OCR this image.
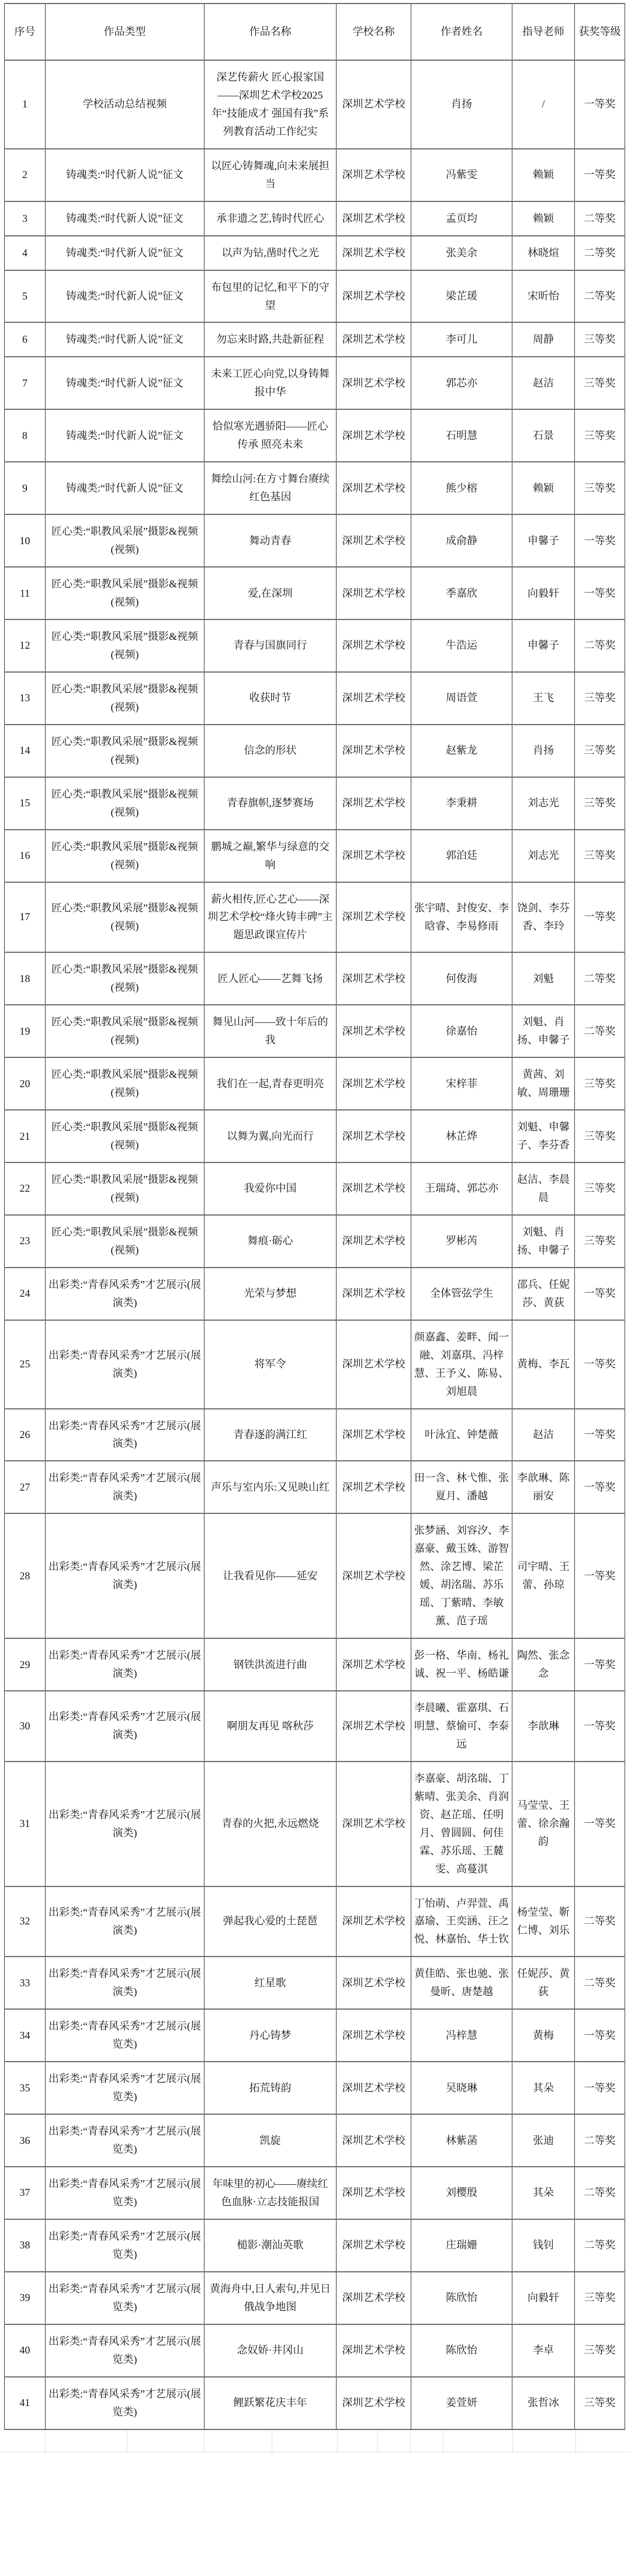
序号	作品类型	作品名称	学校名称	作者姓名	指导老师	获奖等级
1	学校活动总结视频	深艺传薪火 匠心报家国——深圳艺术学校2025年“技能成才 强国有我”系列教育活动工作纪实	深圳艺术学校	肖扬	/	一等奖
2	铸魂类:“时代新人说”征文	以匠心铸舞魂,向未来展担当	深圳艺术学校	冯紫雯	赖颖	一等奖
3	铸魂类:“时代新人说”征文	承非遗之艺,铸时代匠心	深圳艺术学校	孟页均	赖颖	二等奖
4	铸魂类:“时代新人说”征文	以声为钻,凿时代之光	深圳艺术学校	张美余	林晓煊	二等奖
5	铸魂类:“时代新人说”征文	布包里的记忆,和平下的守望	深圳艺术学校	梁芷瑗	宋昕怡	二等奖
6	铸魂类:“时代新人说”征文	勿忘来时路,共赴新征程	深圳艺术学校	李可儿	周静	三等奖
7	铸魂类:“时代新人说”征文	未来工匠心向党,以身铸舞报中华	深圳艺术学校	郭芯亦	赵洁	三等奖
8	铸魂类:“时代新人说”征文	恰似寒光遇骄阳——匠心传承 照亮未来	深圳艺术学校	石明慧	石景	三等奖
9	铸魂类:“时代新人说”征文	舞绘山河:在方寸舞台赓续红色基因	深圳艺术学校	熊少榕	赖颖	三等奖
10	匠心类:“职教风采展”摄影&视频(视频)	舞动青春	深圳艺术学校	成俞静	申馨子	一等奖
11	匠心类:“职教风采展”摄影&视频(视频)	爱,在深圳	深圳艺术学校	季嘉欣	向毅轩	一等奖
12	匠心类:“职教风采展”摄影&视频(视频)	青春与国旗同行	深圳艺术学校	牛浩运	申馨子	二等奖
13	匠心类:“职教风采展”摄影&视频(视频)	收获时节	深圳艺术学校	周语萱	王飞	三等奖
14	匠心类:“职教风采展”摄影&视频(视频)	信念的形状	深圳艺术学校	赵紫龙	肖扬	三等奖
15	匠心类:“职教风采展”摄影&视频(视频)	青春旗帜,逐梦赛场	深圳艺术学校	李秉耕	刘志光	三等奖
16	匠心类:“职教风采展”摄影&视频(视频)	鹏城之巅,繁华与绿意的交响	深圳艺术学校	郭泊廷	刘志光	三等奖
17	匠心类:“职教风采展”摄影&视频(视频)	薪火相传,匠心艺心——深圳艺术学校“烽火铸丰碑”主题思政课宣传片	深圳艺术学校	张宇晴、封俊安、李晗睿、李易修雨	饶剑、李芬香、李玲	一等奖
18	匠心类:“职教风采展”摄影&视频(视频)	匠人匠心——艺舞飞扬	深圳艺术学校	何俊海	刘魁	二等奖
19	匠心类:“职教风采展”摄影&视频(视频)	舞见山河——致十年后的我	深圳艺术学校	徐嘉怡	刘魁、肖扬、申馨子	二等奖
20	匠心类:“职教风采展”摄影&视频(视频)	我们在一起,青春更明亮	深圳艺术学校	宋梓菲	黄茜、刘敏、周珊珊	三等奖
21	匠心类:“职教风采展”摄影&视频(视频)	以舞为翼,向光而行	深圳艺术学校	林芷烨	刘魁、申馨子、李芬香	三等奖
22	匠心类:“职教风采展”摄影&视频(视频)	我爱你中国	深圳艺术学校	王瑞琦、郭芯亦	赵洁、李晨晨	三等奖
23	匠心类:“职教风采展”摄影&视频(视频)	舞痕·砺心	深圳艺术学校	罗彬芮	刘魁、肖扬、申馨子	三等奖
24	出彩类:“青春风采秀”才艺展示(展演类)	光荣与梦想	深圳艺术学校	全体管弦学生	邵兵、任妮莎、黄荻	一等奖
25	出彩类:“青春风采秀”才艺展示(展演类)	将军令	深圳艺术学校	颜嘉鑫、姜畔、闻一融、刘嘉琪、冯梓慧、王予义、陈易、刘旭晨	黄梅、李瓦	一等奖
26	出彩类:“青春风采秀”才艺展示(展演类)	青春逐韵满江红	深圳艺术学校	叶泳宜、钟楚薇	赵洁	一等奖
27	出彩类:“青春风采秀”才艺展示(展演类)	声乐与室内乐:又见映山红	深圳艺术学校	田一含、林弋惟、张夏月、潘越	李歆琳、陈丽安	一等奖
28	出彩类:“青春风采秀”才艺展示(展演类)	让我看见你——延安	深圳艺术学校	张梦涵、刘容汐、李嘉豪、戴玉姝、游智然、涂艺博、梁芷媛、胡洺瑞、苏乐瑶、丁紫晴、李敏薰、范子瑶	司宇晴、王蕾、孙琼	一等奖
29	出彩类:“青春风采秀”才艺展示(展演类)	钢铁洪流进行曲	深圳艺术学校	彭一格、华南、杨礼诚、祝一平、杨皓谦	陶然、张念念	一等奖
30	出彩类:“青春风采秀”才艺展示(展演类)	啊朋友再见 喀秋莎	深圳艺术学校	李晨曦、霍嘉琪、石明慧、蔡愉可、李泰远	李歆琳	一等奖
31	出彩类:“青春风采秀”才艺展示(展演类)	青春的火把,永远燃烧	深圳艺术学校	李嘉豪、胡洺瑞、丁紫晴、张美余、肖润资、赵芷瑶、任明月、曾圆圆、何佳霖、苏乐瑶、王麓雯、高蔓淇	马莹莹、王蕾、徐余瀚韵	一等奖
32	出彩类:“青春风采秀”才艺展示(展演类)	弹起我心爱的土琵琶	深圳艺术学校	丁怡萌、卢羿萱、禹嘉瑜、王奕涵、汪之悦、林嘉怡、华士钦	杨莹莹、靳仁博、刘乐	二等奖
33	出彩类:“青春风采秀”才艺展示(展演类)	红星歌	深圳艺术学校	黄佳皓、张也驰、张曼昕、唐楚越	任妮莎、黄荻	二等奖
34	出彩类:“青春风采秀”才艺展示(展览类)	丹心铸梦	深圳艺术学校	冯梓慧	黄梅	一等奖
35	出彩类:“青春风采秀”才艺展示(展览类)	拓荒铸韵	深圳艺术学校	吴晓琳	其朵	一等奖
36	出彩类:“青春风采秀”才艺展示(展览类)	凯旋	深圳艺术学校	林紫菡	张迪	二等奖
37	出彩类:“青春风采秀”才艺展示(展览类)	年味里的初心——赓续红色血脉·立志技能报国	深圳艺术学校	刘樱殷	其朵	二等奖
38	出彩类:“青春风采秀”才艺展示(展览类)	槌影·潮汕英歌	深圳艺术学校	庄瑞姗	钱钊	二等奖
39	出彩类:“青春风采秀”才艺展示(展览类)	黄海舟中,日人索句,并见日俄战争地图	深圳艺术学校	陈欣怡	向毅轩	三等奖
40	出彩类:“青春风采秀”才艺展示(展览类)	念奴娇·井冈山	深圳艺术学校	陈欣怡	李卓	三等奖
41	出彩类:“青春风采秀”才艺展示(展览类)	鲤跃繁花庆丰年	深圳艺术学校	姜萱妍	张哲冰	三等奖
